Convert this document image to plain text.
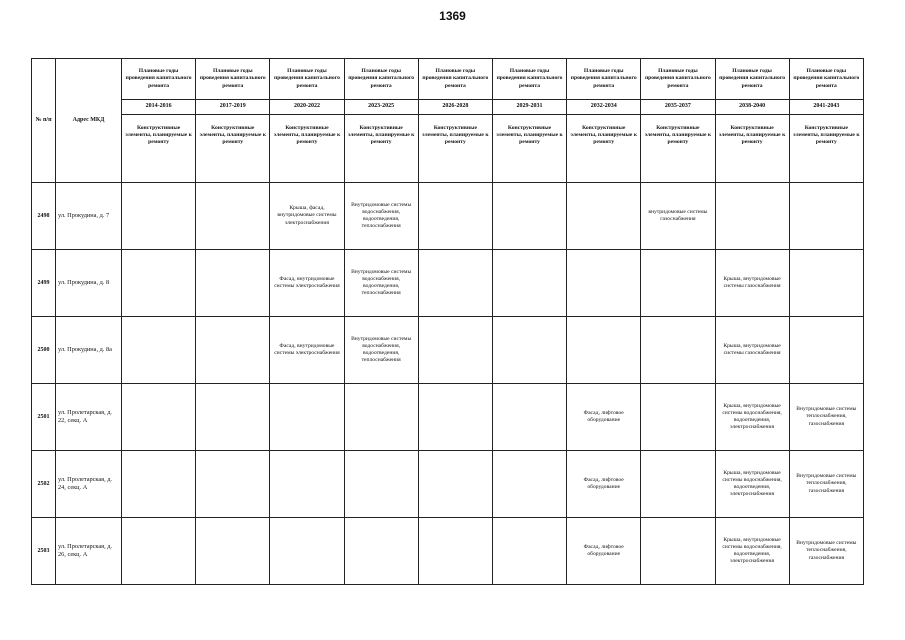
1369
№ п/п	Адрес МКД	Плановые годы проведения капитального ремонта	Плановые годы проведения капитального ремонта	Плановые годы проведения капитального ремонта	Плановые годы проведения капитального ремонта	Плановые годы проведения капитального ремонта	Плановые годы проведения капитального ремонта	Плановые годы проведения капитального ремонта	Плановые годы проведения капитального ремонта	Плановые годы проведения капитального ремонта	Плановые годы проведения капитального ремонта
		2014-2016	2017-2019	2020-2022	2023-2025	2026-2028	2029-2031	2032-2034	2035-2037	2038-2040	2041-2043
		Конструктивные элементы, планируемые к ремонту	Конструктивные элементы, планируемые к ремонту	Конструктивные элементы, планируемые к ремонту	Конструктивные элементы, планируемые к ремонту	Конструктивные элементы, планируемые к ремонту	Конструктивные элементы, планируемые к ремонту	Конструктивные элементы, планируемые к ремонту	Конструктивные элементы, планируемые к ремонту	Конструктивные элементы, планируемые к ремонту	Конструктивные элементы, планируемые к ремонту
2498	ул. Прокудина, д. 7			Крыша, фасад, внутридомовые системы электроснабжения	Внутридомовые системы водоснабжения, водоотведения, теплоснабжения				внутридомовые системы газоснабжения		
2499	ул. Прокудина, д. 8			Фасад, внутридомовые системы электроснабжения	Внутридомовые системы водоснабжения, водоотведения, теплоснабжения					Крыша, внутридомовые системы газоснабжения	
2500	ул. Прокудина, д. 8а			Фасад, внутридомовые системы электроснабжения	Внутридомовые системы водоснабжения, водоотведения, теплоснабжения					Крыша, внутридомовые системы газоснабжения	
2501	ул. Пролетарская, д. 22, секц. А							Фасад, лифтовое оборудование		Крыша, внутридомовые системы водоснабжения, водоотведения, электроснабжения	Внутридомовые системы теплоснабжения, газоснабжения
2502	ул. Пролетарская, д. 24, секц. А							Фасад, лифтовое оборудование		Крыша, внутридомовые системы водоснабжения, водоотведения, электроснабжения	Внутридомовые системы теплоснабжения, газоснабжения
2503	ул. Пролетарская, д. 26, секц. А							Фасад, лифтовое оборудование		Крыша, внутридомовые системы водоснабжения, водоотведения, электроснабжения	Внутридомовые системы теплоснабжения, газоснабжения
